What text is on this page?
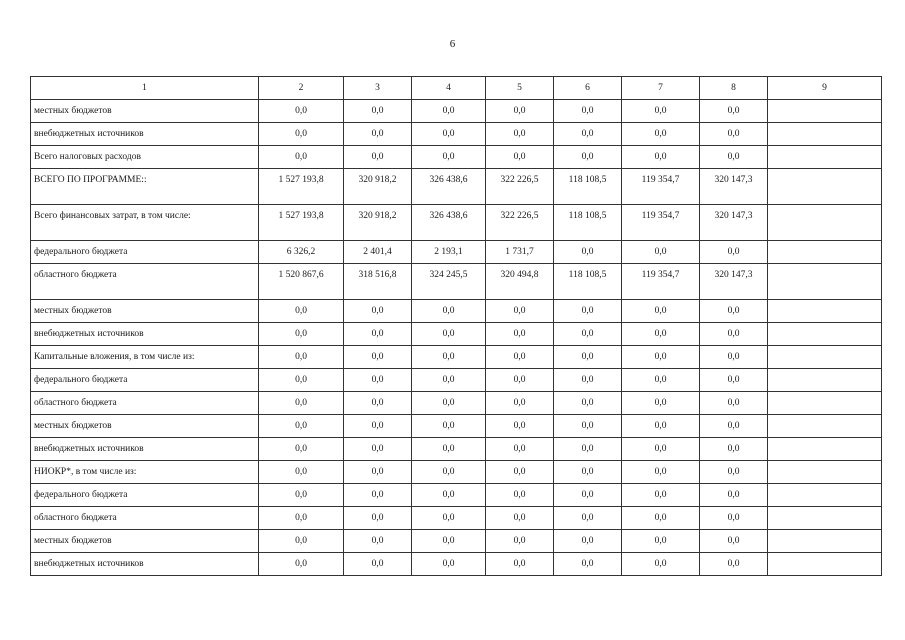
6
1	2	3	4	5	6	7	8	9
местных бюджетов	0,0	0,0	0,0	0,0	0,0	0,0	0,0	
внебюджетных источников	0,0	0,0	0,0	0,0	0,0	0,0	0,0	
Всего налоговых расходов	0,0	0,0	0,0	0,0	0,0	0,0	0,0	
ВСЕГО ПО ПРОГРАММЕ::	1 527 193,8	320 918,2	326 438,6	322 226,5	118 108,5	119 354,7	320 147,3	
Всего финансовых затрат, в том числе:	1 527 193,8	320 918,2	326 438,6	322 226,5	118 108,5	119 354,7	320 147,3	
федерального бюджета	6 326,2	2 401,4	2 193,1	1 731,7	0,0	0,0	0,0	
областного бюджета	1 520 867,6	318 516,8	324 245,5	320 494,8	118 108,5	119 354,7	320 147,3	
местных бюджетов	0,0	0,0	0,0	0,0	0,0	0,0	0,0	
внебюджетных источников	0,0	0,0	0,0	0,0	0,0	0,0	0,0	
Капитальные вложения, в том числе из:	0,0	0,0	0,0	0,0	0,0	0,0	0,0	
федерального бюджета	0,0	0,0	0,0	0,0	0,0	0,0	0,0	
областного бюджета	0,0	0,0	0,0	0,0	0,0	0,0	0,0	
местных бюджетов	0,0	0,0	0,0	0,0	0,0	0,0	0,0	
внебюджетных источников	0,0	0,0	0,0	0,0	0,0	0,0	0,0	
НИОКР*, в том числе из:	0,0	0,0	0,0	0,0	0,0	0,0	0,0	
федерального бюджета	0,0	0,0	0,0	0,0	0,0	0,0	0,0	
областного бюджета	0,0	0,0	0,0	0,0	0,0	0,0	0,0	
местных бюджетов	0,0	0,0	0,0	0,0	0,0	0,0	0,0	
внебюджетных источников	0,0	0,0	0,0	0,0	0,0	0,0	0,0	
